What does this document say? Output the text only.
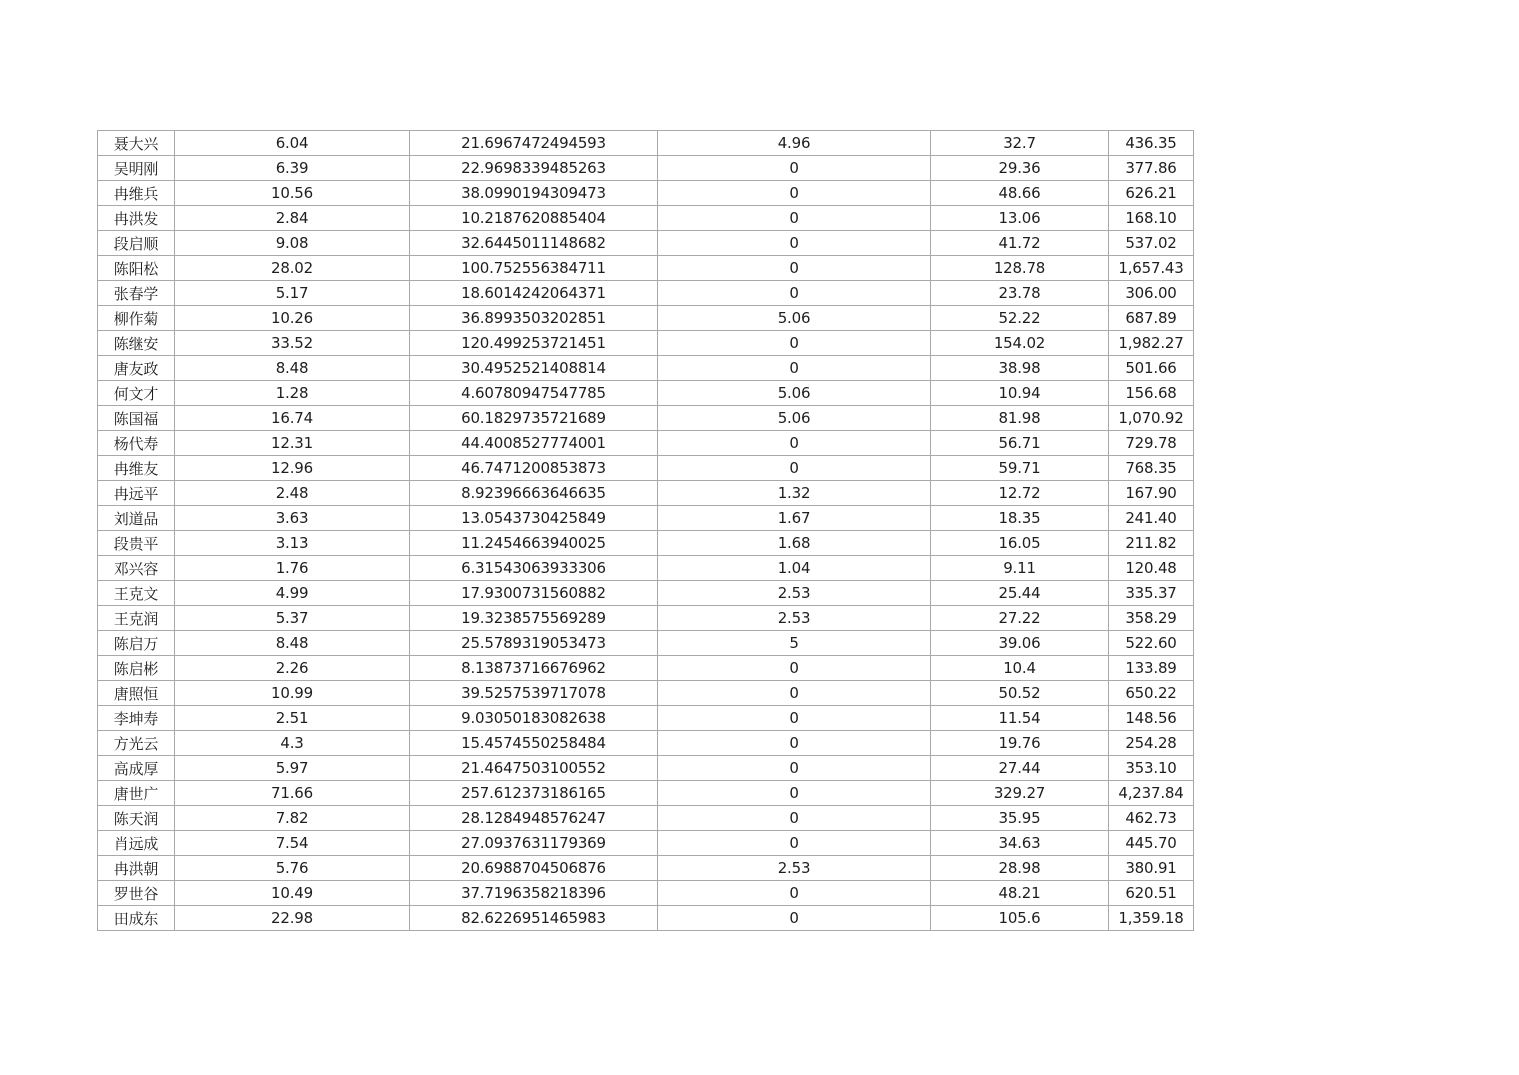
聂大兴	6.04	21.6967472494593	4.96	32.7	436.35
吴明刚	6.39	22.9698339485263	0	29.36	377.86
冉维兵	10.56	38.0990194309473	0	48.66	626.21
冉洪发	2.84	10.2187620885404	0	13.06	168.10
段启顺	9.08	32.6445011148682	0	41.72	537.02
陈阳松	28.02	100.752556384711	0	128.78	1,657.43
张春学	5.17	18.6014242064371	0	23.78	306.00
柳作菊	10.26	36.8993503202851	5.06	52.22	687.89
陈继安	33.52	120.499253721451	0	154.02	1,982.27
唐友政	8.48	30.4952521408814	0	38.98	501.66
何文才	1.28	4.60780947547785	5.06	10.94	156.68
陈国福	16.74	60.1829735721689	5.06	81.98	1,070.92
杨代寿	12.31	44.4008527774001	0	56.71	729.78
冉维友	12.96	46.7471200853873	0	59.71	768.35
冉远平	2.48	8.92396663646635	1.32	12.72	167.90
刘道品	3.63	13.0543730425849	1.67	18.35	241.40
段贵平	3.13	11.2454663940025	1.68	16.05	211.82
邓兴容	1.76	6.31543063933306	1.04	9.11	120.48
王克文	4.99	17.9300731560882	2.53	25.44	335.37
王克润	5.37	19.3238575569289	2.53	27.22	358.29
陈启万	8.48	25.5789319053473	5	39.06	522.60
陈启彬	2.26	8.13873716676962	0	10.4	133.89
唐照恒	10.99	39.5257539717078	0	50.52	650.22
李坤寿	2.51	9.03050183082638	0	11.54	148.56
方光云	4.3	15.4574550258484	0	19.76	254.28
高成厚	5.97	21.4647503100552	0	27.44	353.10
唐世广	71.66	257.612373186165	0	329.27	4,237.84
陈天润	7.82	28.1284948576247	0	35.95	462.73
肖远成	7.54	27.0937631179369	0	34.63	445.70
冉洪朝	5.76	20.6988704506876	2.53	28.98	380.91
罗世谷	10.49	37.7196358218396	0	48.21	620.51
田成东	22.98	82.6226951465983	0	105.6	1,359.18
